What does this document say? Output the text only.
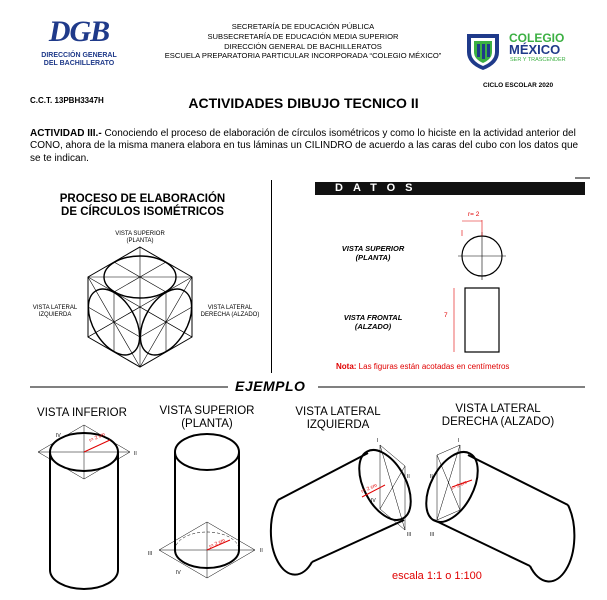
DGB
DIRECCIÓN GENERAL
DEL BACHILLERATO
SECRETARÍA DE EDUCACIÓN PÚBLICA
SUBSECRETARÍA DE EDUCACIÓN MEDIA SUPERIOR
DIRECCIÓN GENERAL DE BACHILLERATOS
ESCUELA PREPARATORIA PARTICULAR INCORPORADA “COLEGIO MÉXICO”
COLEGIO
MÉXICO
SER Y TRASCENDER
C.C.T. 13PBH3347H
CICLO ESCOLAR 2020
ACTIVIDADES DIBUJO TECNICO II
ACTIVIDAD III.- Conociendo el proceso de elaboración de círculos isométricos y como lo hiciste en la actividad anterior del CONO, ahora de la misma manera elabora en tus láminas un CILINDRO de acuerdo a las caras del cubo con los datos que se te indican.
PROCESO DE ELABORACIÓN
DE CÍRCULOS ISOMÉTRICOS
VISTA SUPERIOR
(PLANTA)
VISTA LATERAL
IZQUIERDA
VISTA LATERAL
DERECHA (ALZADO)
DATOS
VISTA SUPERIOR
(PLANTA)
VISTA FRONTAL
(ALZADO)
r= 2
7
Nota: Las figuras están acotadas en centímetros
EJEMPLO
VISTA INFERIOR	VISTA SUPERIOR
(PLANTA)
VISTA LATERAL
IZQUIERDA
VISTA LATERAL
DERECHA (ALZADO)
IV
II
III
IV
II
I
II
III
IV
I
II
III
r= 2 cm
r= 2 cm
r= 2 cm	r= 2 cm
escala 1:1 o 1:100
